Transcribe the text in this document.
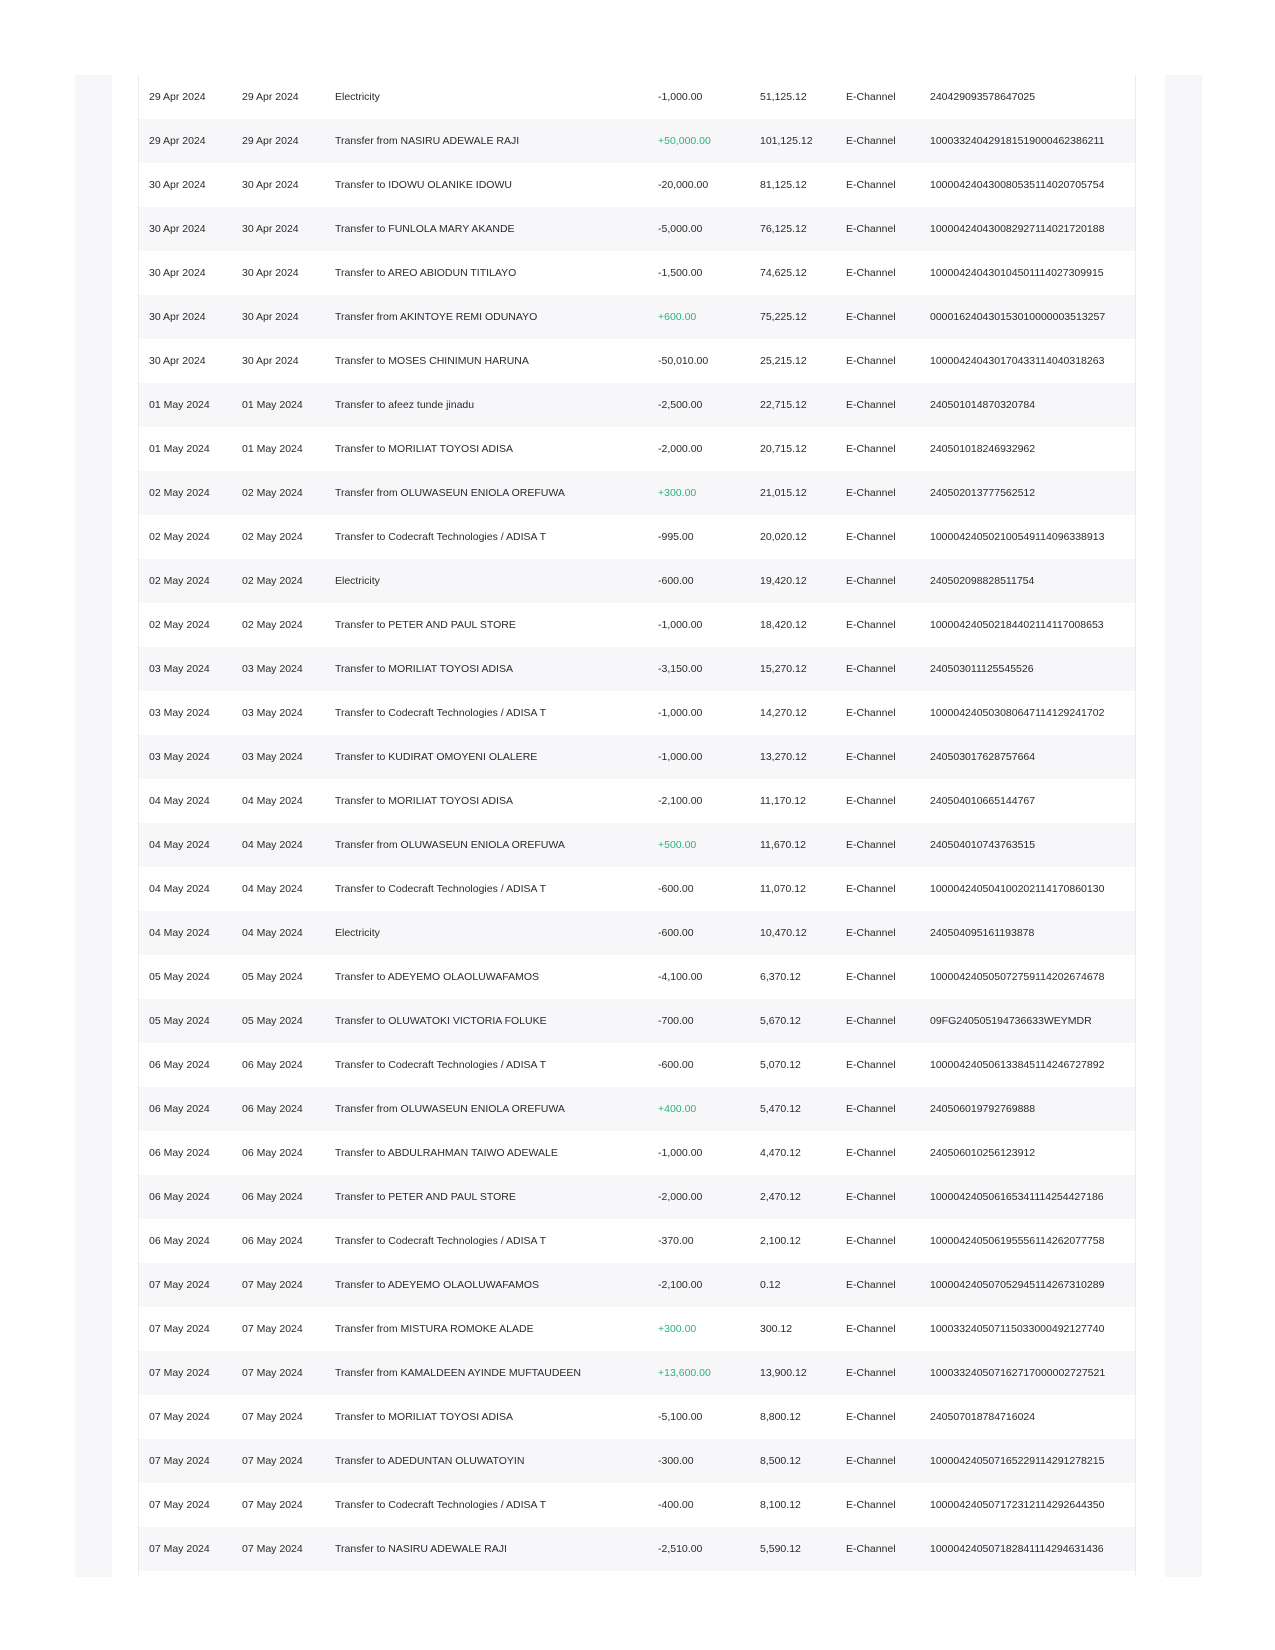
29 Apr 2024	29 Apr 2024	Electricity	-1,000.00	51,125.12	E-Channel	240429093578647025
29 Apr 2024	29 Apr 2024	Transfer from NASIRU ADEWALE RAJI	+50,000.00	101,125.12	E-Channel	100033240429181519000462386211
30 Apr 2024	30 Apr 2024	Transfer to IDOWU OLANIKE IDOWU	-20,000.00	81,125.12	E-Channel	100004240430080535114020705754
30 Apr 2024	30 Apr 2024	Transfer to FUNLOLA MARY AKANDE	-5,000.00	76,125.12	E-Channel	100004240430082927114021720188
30 Apr 2024	30 Apr 2024	Transfer to AREO ABIODUN TITILAYO	-1,500.00	74,625.12	E-Channel	100004240430104501114027309915
30 Apr 2024	30 Apr 2024	Transfer from AKINTOYE REMI ODUNAYO	+600.00	75,225.12	E-Channel	000016240430153010000003513257
30 Apr 2024	30 Apr 2024	Transfer to MOSES CHINIMUN HARUNA	-50,010.00	25,215.12	E-Channel	100004240430170433114040318263
01 May 2024	01 May 2024	Transfer to afeez tunde jinadu	-2,500.00	22,715.12	E-Channel	240501014870320784
01 May 2024	01 May 2024	Transfer to MORILIAT TOYOSI ADISA	-2,000.00	20,715.12	E-Channel	240501018246932962
02 May 2024	02 May 2024	Transfer from OLUWASEUN ENIOLA OREFUWA	+300.00	21,015.12	E-Channel	240502013777562512
02 May 2024	02 May 2024	Transfer to Codecraft Technologies / ADISA T	-995.00	20,020.12	E-Channel	100004240502100549114096338913
02 May 2024	02 May 2024	Electricity	-600.00	19,420.12	E-Channel	240502098828511754
02 May 2024	02 May 2024	Transfer to PETER AND PAUL STORE	-1,000.00	18,420.12	E-Channel	100004240502184402114117008653
03 May 2024	03 May 2024	Transfer to MORILIAT TOYOSI ADISA	-3,150.00	15,270.12	E-Channel	240503011125545526
03 May 2024	03 May 2024	Transfer to Codecraft Technologies / ADISA T	-1,000.00	14,270.12	E-Channel	100004240503080647114129241702
03 May 2024	03 May 2024	Transfer to KUDIRAT OMOYENI OLALERE	-1,000.00	13,270.12	E-Channel	240503017628757664
04 May 2024	04 May 2024	Transfer to MORILIAT TOYOSI ADISA	-2,100.00	11,170.12	E-Channel	240504010665144767
04 May 2024	04 May 2024	Transfer from OLUWASEUN ENIOLA OREFUWA	+500.00	11,670.12	E-Channel	240504010743763515
04 May 2024	04 May 2024	Transfer to Codecraft Technologies / ADISA T	-600.00	11,070.12	E-Channel	100004240504100202114170860130
04 May 2024	04 May 2024	Electricity	-600.00	10,470.12	E-Channel	240504095161193878
05 May 2024	05 May 2024	Transfer to ADEYEMO OLAOLUWAFAMOS	-4,100.00	6,370.12	E-Channel	100004240505072759114202674678
05 May 2024	05 May 2024	Transfer to OLUWATOKI VICTORIA FOLUKE	-700.00	5,670.12	E-Channel	09FG240505194736633WEYMDR
06 May 2024	06 May 2024	Transfer to Codecraft Technologies / ADISA T	-600.00	5,070.12	E-Channel	100004240506133845114246727892
06 May 2024	06 May 2024	Transfer from OLUWASEUN ENIOLA OREFUWA	+400.00	5,470.12	E-Channel	240506019792769888
06 May 2024	06 May 2024	Transfer to ABDULRAHMAN TAIWO ADEWALE	-1,000.00	4,470.12	E-Channel	240506010256123912
06 May 2024	06 May 2024	Transfer to PETER AND PAUL STORE	-2,000.00	2,470.12	E-Channel	100004240506165341114254427186
06 May 2024	06 May 2024	Transfer to Codecraft Technologies / ADISA T	-370.00	2,100.12	E-Channel	100004240506195556114262077758
07 May 2024	07 May 2024	Transfer to ADEYEMO OLAOLUWAFAMOS	-2,100.00	0.12	E-Channel	100004240507052945114267310289
07 May 2024	07 May 2024	Transfer from MISTURA ROMOKE ALADE	+300.00	300.12	E-Channel	100033240507115033000492127740
07 May 2024	07 May 2024	Transfer from KAMALDEEN AYINDE MUFTAUDEEN	+13,600.00	13,900.12	E-Channel	100033240507162717000002727521
07 May 2024	07 May 2024	Transfer to MORILIAT TOYOSI ADISA	-5,100.00	8,800.12	E-Channel	240507018784716024
07 May 2024	07 May 2024	Transfer to ADEDUNTAN OLUWATOYIN	-300.00	8,500.12	E-Channel	100004240507165229114291278215
07 May 2024	07 May 2024	Transfer to Codecraft Technologies / ADISA T	-400.00	8,100.12	E-Channel	100004240507172312114292644350
07 May 2024	07 May 2024	Transfer to NASIRU ADEWALE RAJI	-2,510.00	5,590.12	E-Channel	100004240507182841114294631436
